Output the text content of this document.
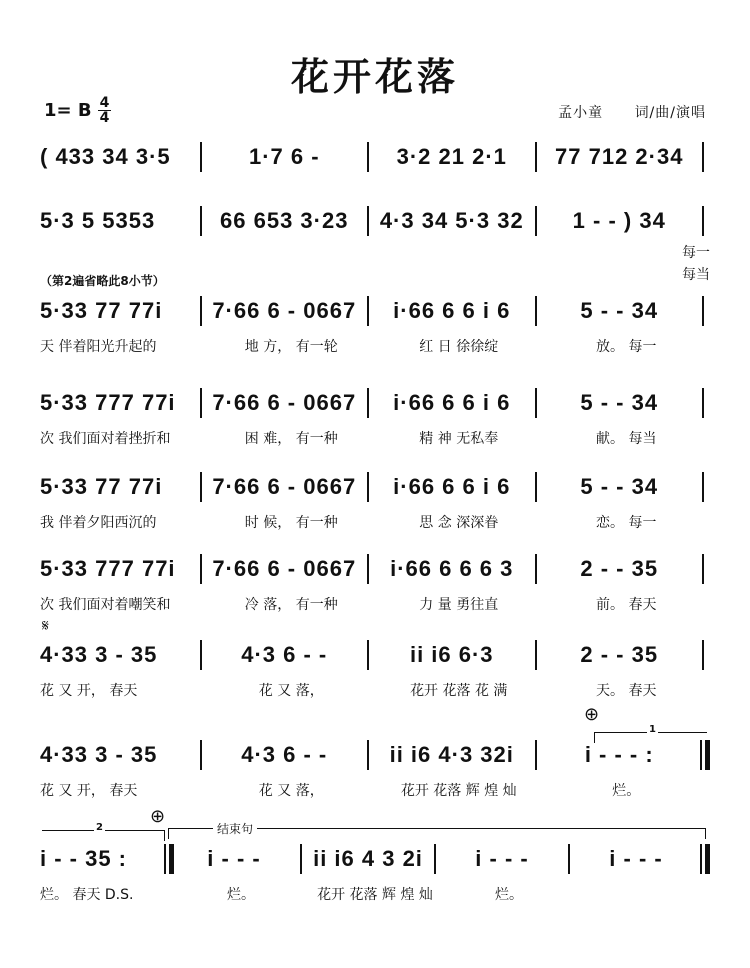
花开花落
1= B $\frac{4}{4}$	孟小童 词/曲/演唱
( 433 34 3·5	1·7 6 -	3·2 21 2·1	77 712 2·34
5·3 5 5353	66 653 3·23	4·3 34 5·3 32	1 - - ) 34
每一
每当
（第2遍省略此8小节）
5·33 77 77i	7·66 6 - 0667	i·66 6 6 i 6	5 - - 34
天 伴着阳光升起的	地 方， 有一轮	红 日 徐徐绽	放。 每一
5·33 777 77i	7·66 6 - 0667	i·66 6 6 i 6	5 - - 34
次 我们面对着挫折和	困 难， 有一种	精 神 无私奉	献。 每当
5·33 77 77i	7·66 6 - 0667	i·66 6 6 i 6	5 - - 34
我 伴着夕阳西沉的	时 候， 有一种	思 念 深深眷	恋。 每一
5·33 777 77i	7·66 6 - 0667	i·66 6 6 6 3	2 - - 35
次 我们面对着嘲笑和	冷 落， 有一种	力 量 勇往直	前。 春天
𝄋
4·33 3 - 35	4·3 6 - -	ii i6 6·3	2 - - 35
花 又 开， 春天	花 又 落，	花开 花落 花 满	天。 春天
⊕
1
4·33 3 - 35	4·3 6 - -	ii i6 4·3 32i	i - - - :
花 又 开， 春天	花 又 落，	花开 花落 辉 煌 灿	烂。
2
⊕
结束句
i - - 35 :	i - - -	ii i6 4 3 2i	i - - -	i - - -
烂。 春天 D.S.	烂。	花开 花落 辉 煌 灿	烂。
